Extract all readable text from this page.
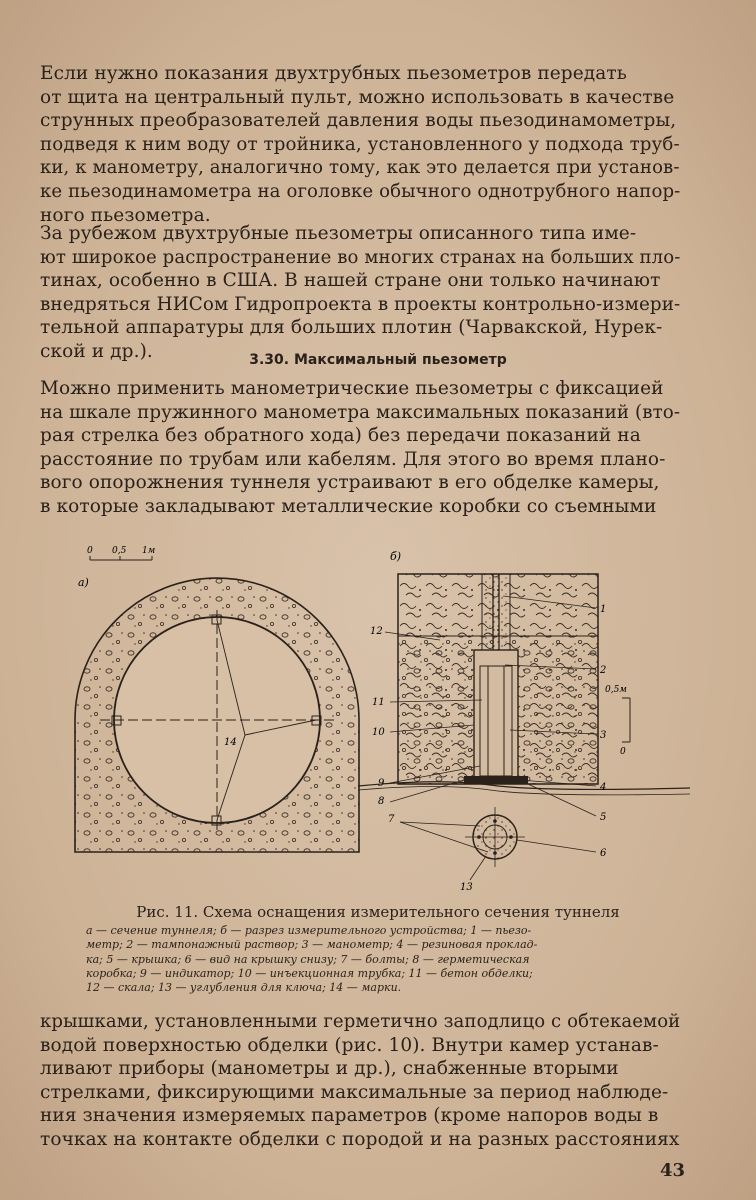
Если нужно показания двухтрубных пьезометров передать
от щита на центральный пульт, можно использовать в качестве
струнных преобразователей давления воды пьезодинамометры,
подведя к ним воду от тройника, установленного у подхода труб-
ки, к манометру, аналогично тому, как это делается при установ-
ке пьезодинамометра на оголовке обычного однотрубного напор-
ного пьезометра.
За рубежом двухтрубные пьезометры описанного типа име-
ют широкое распространение во многих странах на больших пло-
тинах, особенно в США. В нашей стране они только начинают
внедряться НИСом Гидропроекта в проекты контрольно-измери-
тельной аппаратуры для больших плотин (Чарвакской, Нурек-
ской и др.).	3.30. Максимальный пьезометр
Можно применить манометрические пьезометры с фиксацией
на шкале пружинного манометра максимальных показаний (вто-
рая стрелка без обратного хода) без передачи показаний на
расстояние по трубам или кабелям. Для этого во время плано-
вого опорожнения туннеля устраивают в его обделке камеры,
в которые закладывают металлические коробки со съемными
а)
0 0,5 1м
14
б)
0,5м
0
1
2
3
4
5
6
7
8
9
10
11
12
13
Рис. 11. Схема оснащения измерительного сечения туннеля
а — сечение туннеля; б — разрез измерительного устройства; 1 — пьезо-
метр; 2 — тампонажный раствор; 3 — манометр; 4 — резиновая проклад-
ка; 5 — крышка; 6 — вид на крышку снизу; 7 — болты; 8 — герметическая
коробка; 9 — индикатор; 10 — инъекционная трубка; 11 — бетон обделки;
12 — скала; 13 — углубления для ключа; 14 — марки.
крышками, установленными герметично заподлицо с обтекаемой
водой поверхностью обделки (рис. 10). Внутри камер устанав-
ливают приборы (манометры и др.), снабженные вторыми
стрелками, фиксирующими максимальные за период наблюде-
ния значения измеряемых параметров (кроме напоров воды в
точках на контакте обделки с породой и на разных расстояниях
43
